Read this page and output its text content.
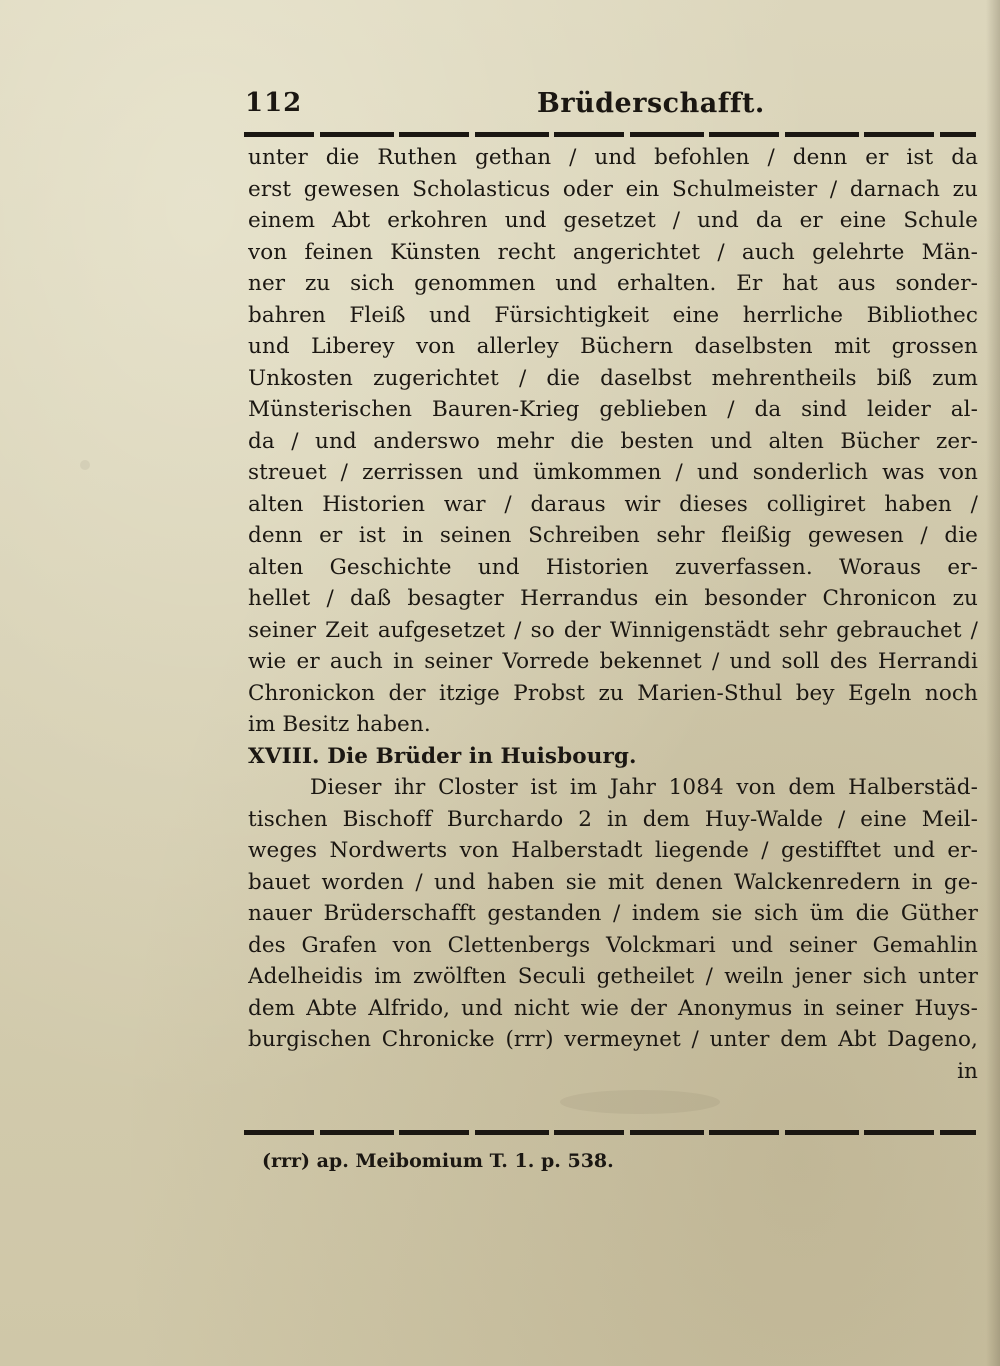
112	Brüderschafft.
unter die Ruthen gethan / und befohlen / denn er ist da
erst gewesen Scholasticus oder ein Schulmeister / darnach zu
einem Abt erkohren und gesetzet / und da er eine Schule
von feinen Künsten recht angerichtet / auch gelehrte Män-
ner zu sich genommen und erhalten. Er hat aus sonder-
bahren Fleiß und Fürsichtigkeit eine herrliche Bibliothec
und Liberey von allerley Büchern daselbsten mit grossen
Unkosten zugerichtet / die daselbst mehrentheils biß zum
Münsterischen Bauren-Krieg geblieben / da sind leider al-
da / und anderswo mehr die besten und alten Bücher zer-
streuet / zerrissen und ümkommen / und sonderlich was von
alten Historien war / daraus wir dieses colligiret haben /
denn er ist in seinen Schreiben sehr fleißig gewesen / die
alten Geschichte und Historien zuverfassen. Woraus er-
hellet / daß besagter Herrandus ein besonder Chronicon zu
seiner Zeit aufgesetzet / so der Winnigenstädt sehr gebrauchet /
wie er auch in seiner Vorrede bekennet / und soll des Herrandi
Chronickon der itzige Probst zu Marien-Sthul bey Egeln noch
im Besitz haben.
XVIII. Die Brüder in Huisbourg.
Dieser ihr Closter ist im Jahr 1084 von dem Halberstäd-
tischen Bischoff Burchardo 2 in dem Huy-Walde / eine Meil-
weges Nordwerts von Halberstadt liegende / gestifftet und er-
bauet worden / und haben sie mit denen Walckenredern in ge-
nauer Brüderschafft gestanden / indem sie sich üm die Güther
des Grafen von Clettenbergs Volckmari und seiner Gemahlin
Adelheidis im zwölften Seculi getheilet / weiln jener sich unter
dem Abte Alfrido, und nicht wie der Anonymus in seiner Huys-
burgischen Chronicke (rrr) vermeynet / unter dem Abt Dageno,
in
(rrr) ap. Meibomium T. 1. p. 538.
